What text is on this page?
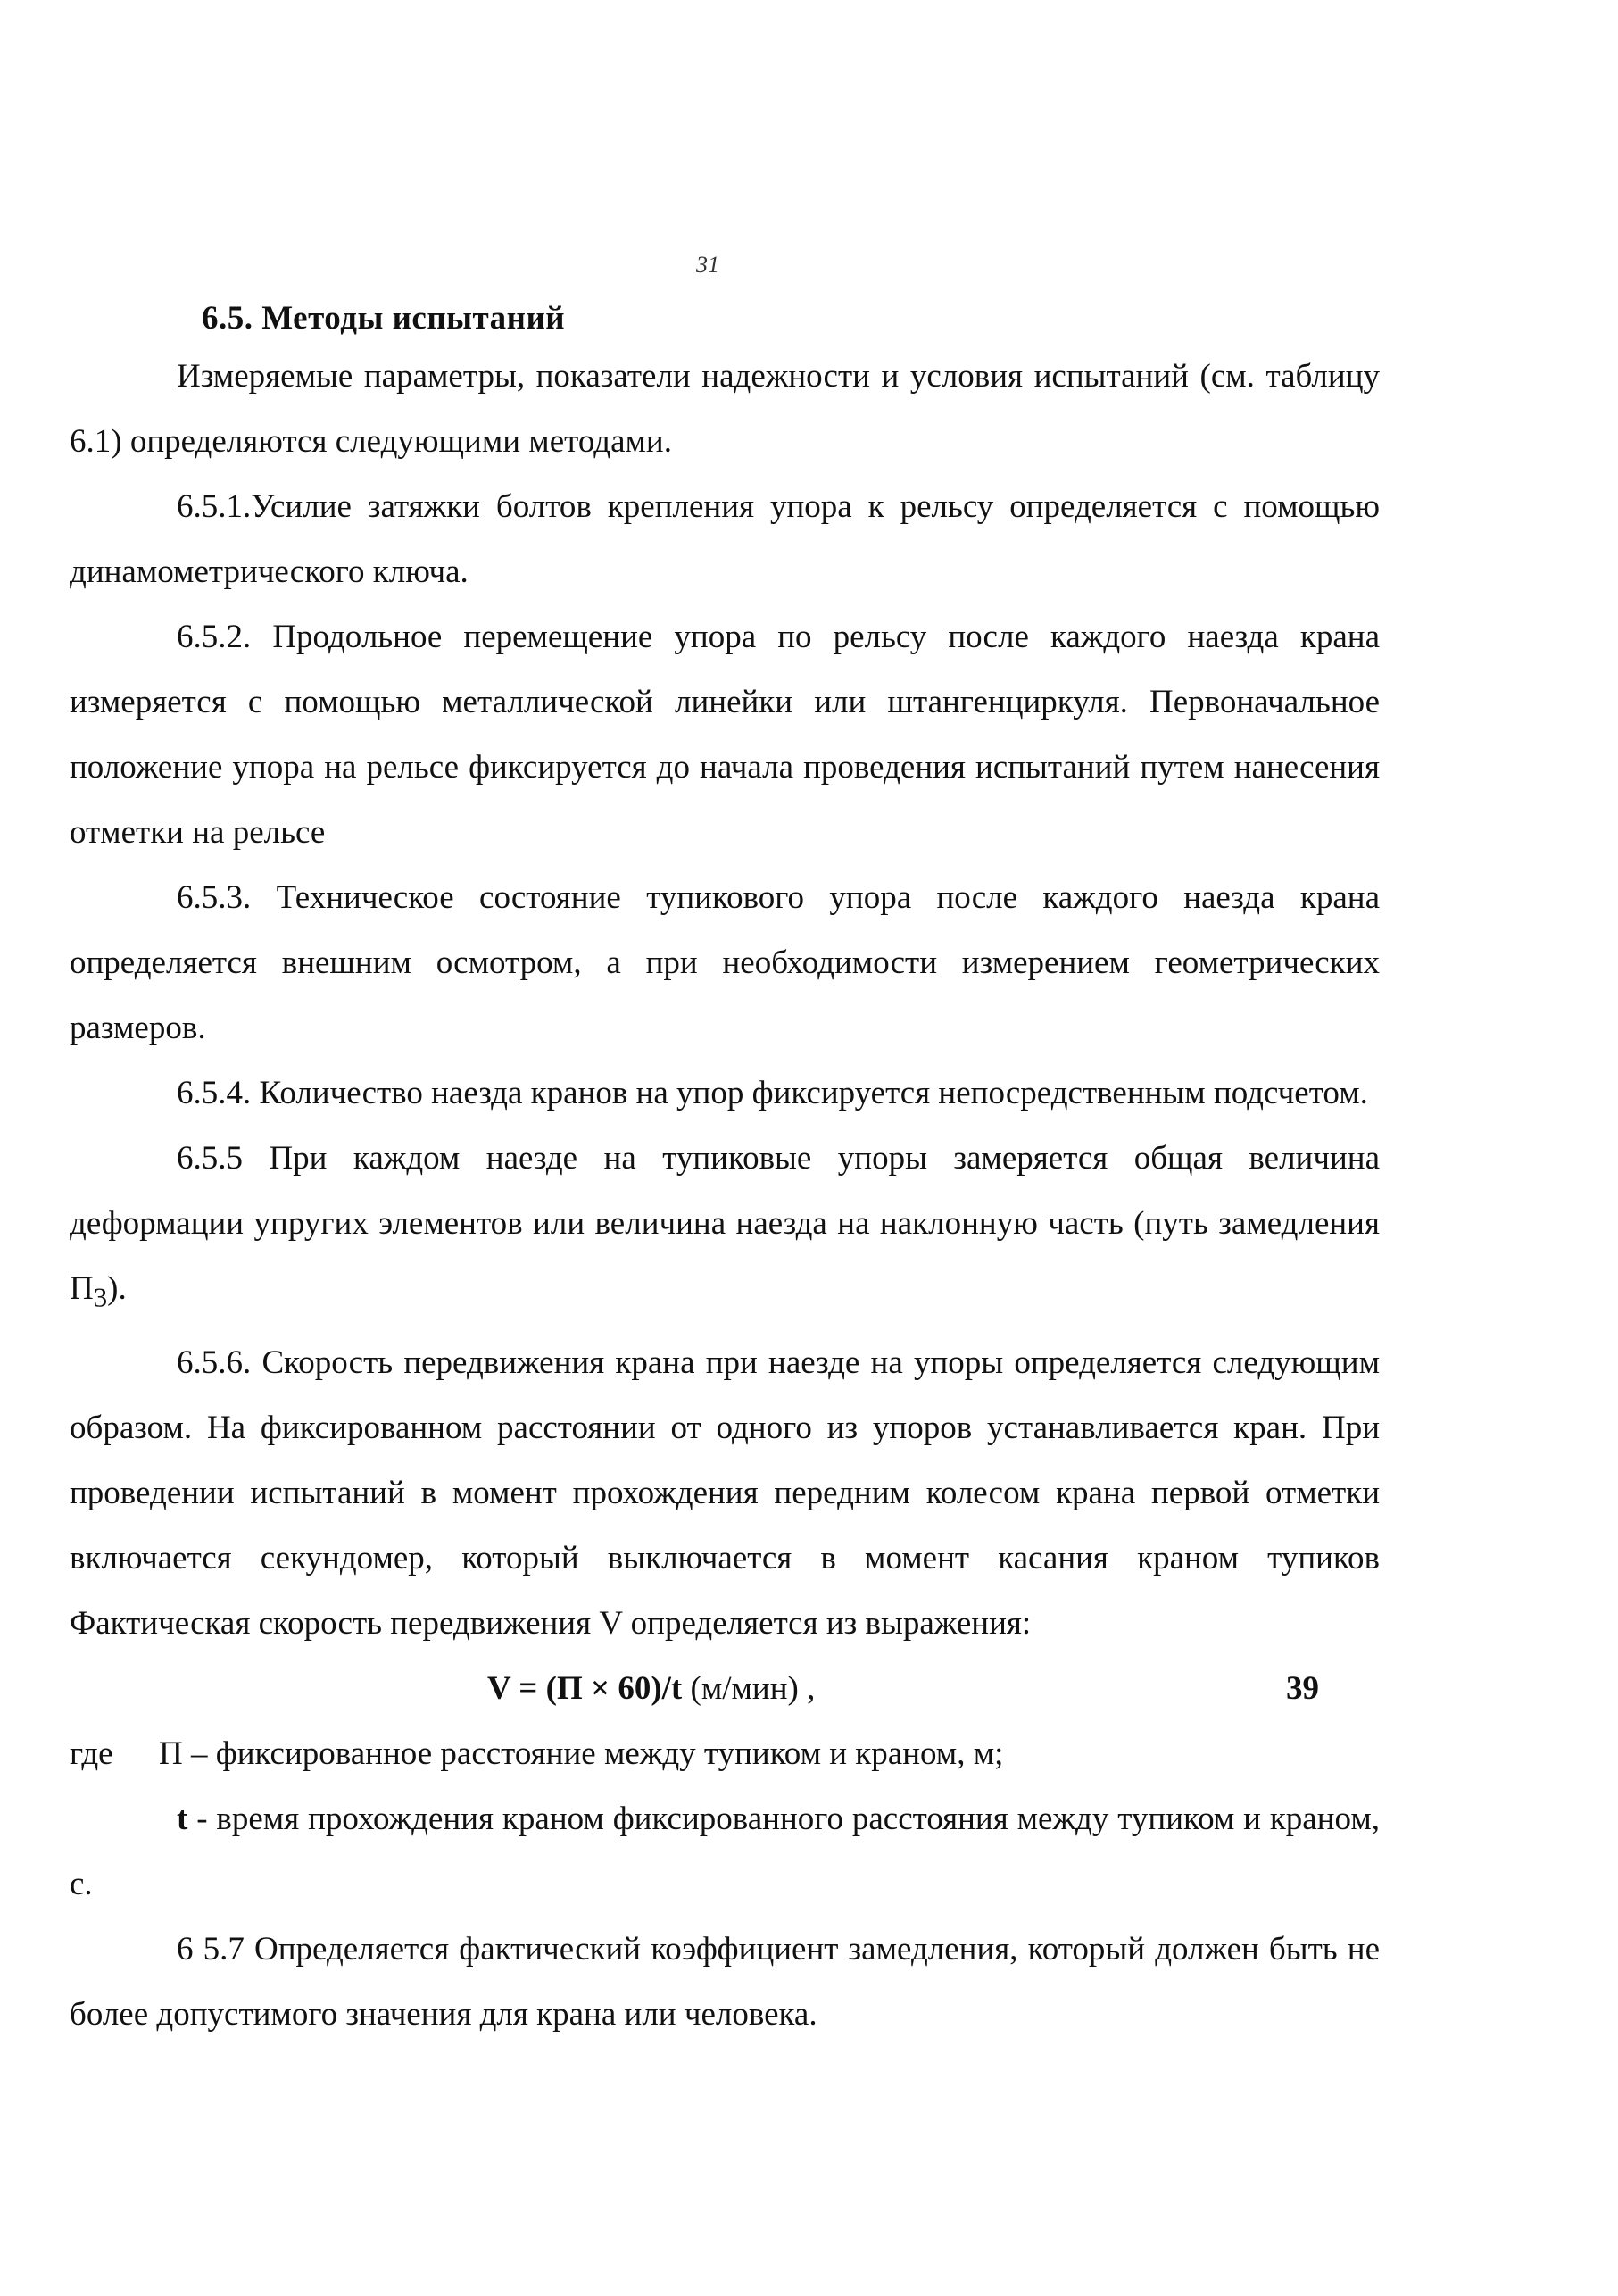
31
6.5. Методы испытаний

Измеряемые параметры, показатели надежности и условия испытаний (см. таблицу 6.1) определяются следующими методами.

6.5.1.Усилие затяжки болтов крепления упора к рельсу определяется с помощью динамометрического ключа.

6.5.2. Продольное перемещение упора по рельсу после каждого наезда крана измеряется с помощью металлической линейки или штангенциркуля. Первоначальное положение упора на рельсе фиксируется до начала проведения испытаний путем нанесения отметки на рельсе

6.5.3. Техническое состояние тупикового упора после каждого наезда крана определяется внешним осмотром, а при необходимости измерением геометрических размеров.

6.5.4. Количество наезда кранов на упор фиксируется непосредственным подсчетом.

6.5.5 При каждом наезде на тупиковые упоры замеряется общая величина деформации упругих элементов или величина наезда на наклонную часть (путь замедления $П_3$).

6.5.6. Скорость передвижения крана при наезде на упоры определяется следующим образом. На фиксированном расстоянии от одного из упоров устанавливается кран. При проведении испытаний в момент прохождения передним колесом крана первой отметки включается секундомер, который выключается в момент касания краном тупиков Фактическая скорость передвижения V определяется из выражения:

V = (П × 60)/t (м/мин) ,	39
где П – фиксированное расстояние между тупиком и краном, м;

t - время прохождения краном фиксированного расстояния между тупиком и краном, с.

6 5.7 Определяется фактический коэффициент замедления, который должен быть не более допустимого значения для крана или человека.
